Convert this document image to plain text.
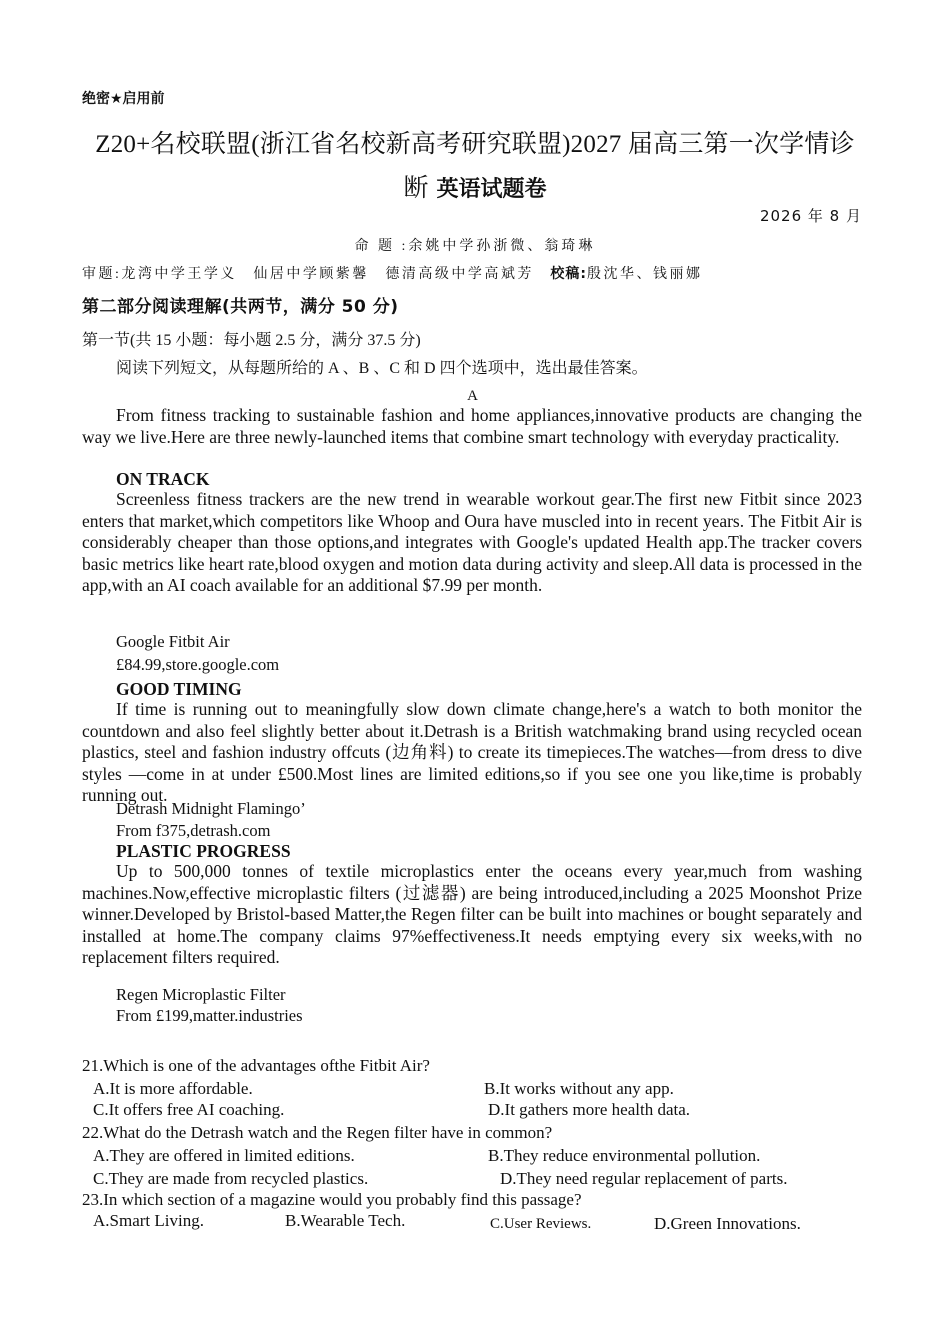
绝密★启用前
Z20+名校联盟(浙江省名校新高考研究联盟)2027 届高三第一次学情诊
断 英语试题卷
2026 年 8 月
命 题 :余姚中学孙浙微、翁琦琳
审题:龙湾中学王学义　仙居中学顾紫馨　德清高级中学高斌芳　 校稿:殷沈华、钱丽娜
第二部分阅读理解(共两节，满分 50 分)
第一节(共 15 小题：每小题 2.5 分，满分 37.5 分)
阅读下列短文，从每题所给的 A 、B 、C 和 D 四个选项中，选出最佳答案。
A
From fitness tracking to sustainable fashion and home appliances,innovative products are changing the way we live.Here are three newly-launched items that combine smart technology with everyday practicality.
ON TRACK
Screenless fitness trackers are the new trend in wearable workout gear.The first new Fitbit since 2023 enters that market,which competitors like Whoop and Oura have muscled into in recent years. The Fitbit Air is considerably cheaper than those options,and integrates with Google's updated Health app.The tracker covers basic metrics like heart rate,blood oxygen and motion data during activity and sleep.All data is processed in the app,with an AI coach available for an additional $7.99 per month.
Google Fitbit Air
£84.99,store.google.com
GOOD TIMING
If time is running out to meaningfully slow down climate change,here's a watch to both monitor the countdown and also feel slightly better about it.Detrash is a British watchmaking brand using recycled ocean plastics, steel and fashion industry offcuts (边角料) to create its timepieces.The watches—from dress to dive styles —come in at under £500.Most lines are limited editions,so if you see one you like,time is probably running out.
Detrash Midnight Flamingo’
From f375,detrash.com
PLASTIC PROGRESS
Up to 500,000 tonnes of textile microplastics enter the oceans every year,much from washing machines.Now,effective microplastic filters (过滤器) are being introduced,including a 2025 Moonshot Prize winner.Developed by Bristol-based Matter,the Regen filter can be built into machines or bought separately and installed at home.The company claims 97%effectiveness.It needs emptying every six weeks,with no replacement filters required.
Regen Microplastic Filter
From £199,matter.industries
21.Which is one of the advantages ofthe Fitbit Air?
A.It is more affordable.	B.It works without any app.
C.It offers free AI coaching.	D.It gathers more health data.
22.What do the Detrash watch and the Regen filter have in common?
A.They are offered in limited editions.	B.They reduce environmental pollution.
C.They are made from recycled plastics.	D.They need regular replacement of parts.
23.In which section of a magazine would you probably find this passage?
A.Smart Living.	B.Wearable Tech.	C.User Reviews.	D.Green Innovations.
